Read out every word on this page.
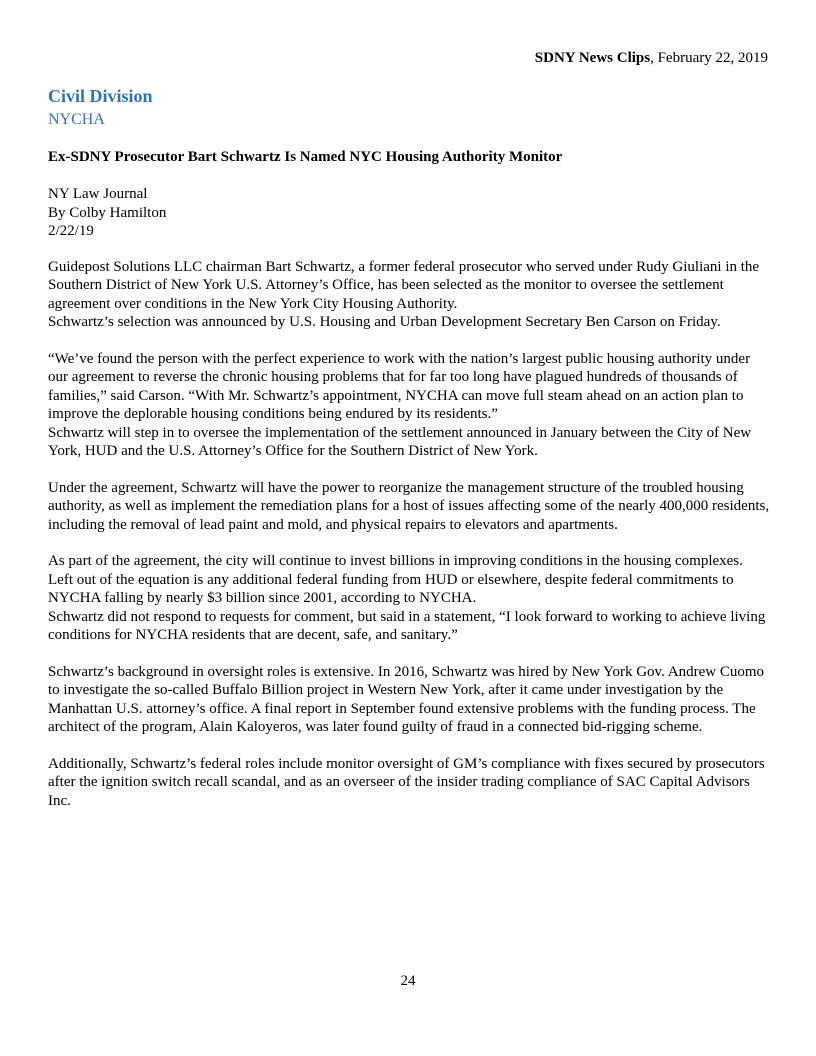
SDNY News Clips, February 22, 2019
Civil Division
NYCHA
Ex-SDNY Prosecutor Bart Schwartz Is Named NYC Housing Authority Monitor
NY Law Journal
By Colby Hamilton
2/22/19

Guidepost Solutions LLC chairman Bart Schwartz, a former federal prosecutor who served under Rudy Giuliani in the Southern District of New York U.S. Attorney’s Office, has been selected as the monitor to oversee the settlement agreement over conditions in the New York City Housing Authority.
Schwartz’s selection was announced by U.S. Housing and Urban Development Secretary Ben Carson on Friday.

“We’ve found the person with the perfect experience to work with the nation’s largest public housing authority under our agreement to reverse the chronic housing problems that for far too long have plagued hundreds of thousands of families,” said Carson. “With Mr. Schwartz’s appointment, NYCHA can move full steam ahead on an action plan to improve the deplorable housing conditions being endured by its residents.”
Schwartz will step in to oversee the implementation of the settlement announced in January between the City of New York, HUD and the U.S. Attorney’s Office for the Southern District of New York.

Under the agreement, Schwartz will have the power to reorganize the management structure of the troubled housing authority, as well as implement the remediation plans for a host of issues affecting some of the nearly 400,000 residents, including the removal of lead paint and mold, and physical repairs to elevators and apartments.

As part of the agreement, the city will continue to invest billions in improving conditions in the housing complexes. Left out of the equation is any additional federal funding from HUD or elsewhere, despite federal commitments to NYCHA falling by nearly $3 billion since 2001, according to NYCHA.
Schwartz did not respond to requests for comment, but said in a statement, “I look forward to working to achieve living conditions for NYCHA residents that are decent, safe, and sanitary.”

Schwartz’s background in oversight roles is extensive. In 2016, Schwartz was hired by New York Gov. Andrew Cuomo to investigate the so-called Buffalo Billion project in Western New York, after it came under investigation by the Manhattan U.S. attorney’s office. A final report in September found extensive problems with the funding process. The architect of the program, Alain Kaloyeros, was later found guilty of fraud in a connected bid-rigging scheme.

Additionally, Schwartz’s federal roles include monitor oversight of GM’s compliance with fixes secured by prosecutors after the ignition switch recall scandal, and as an overseer of the insider trading compliance of SAC Capital Advisors Inc.

24
